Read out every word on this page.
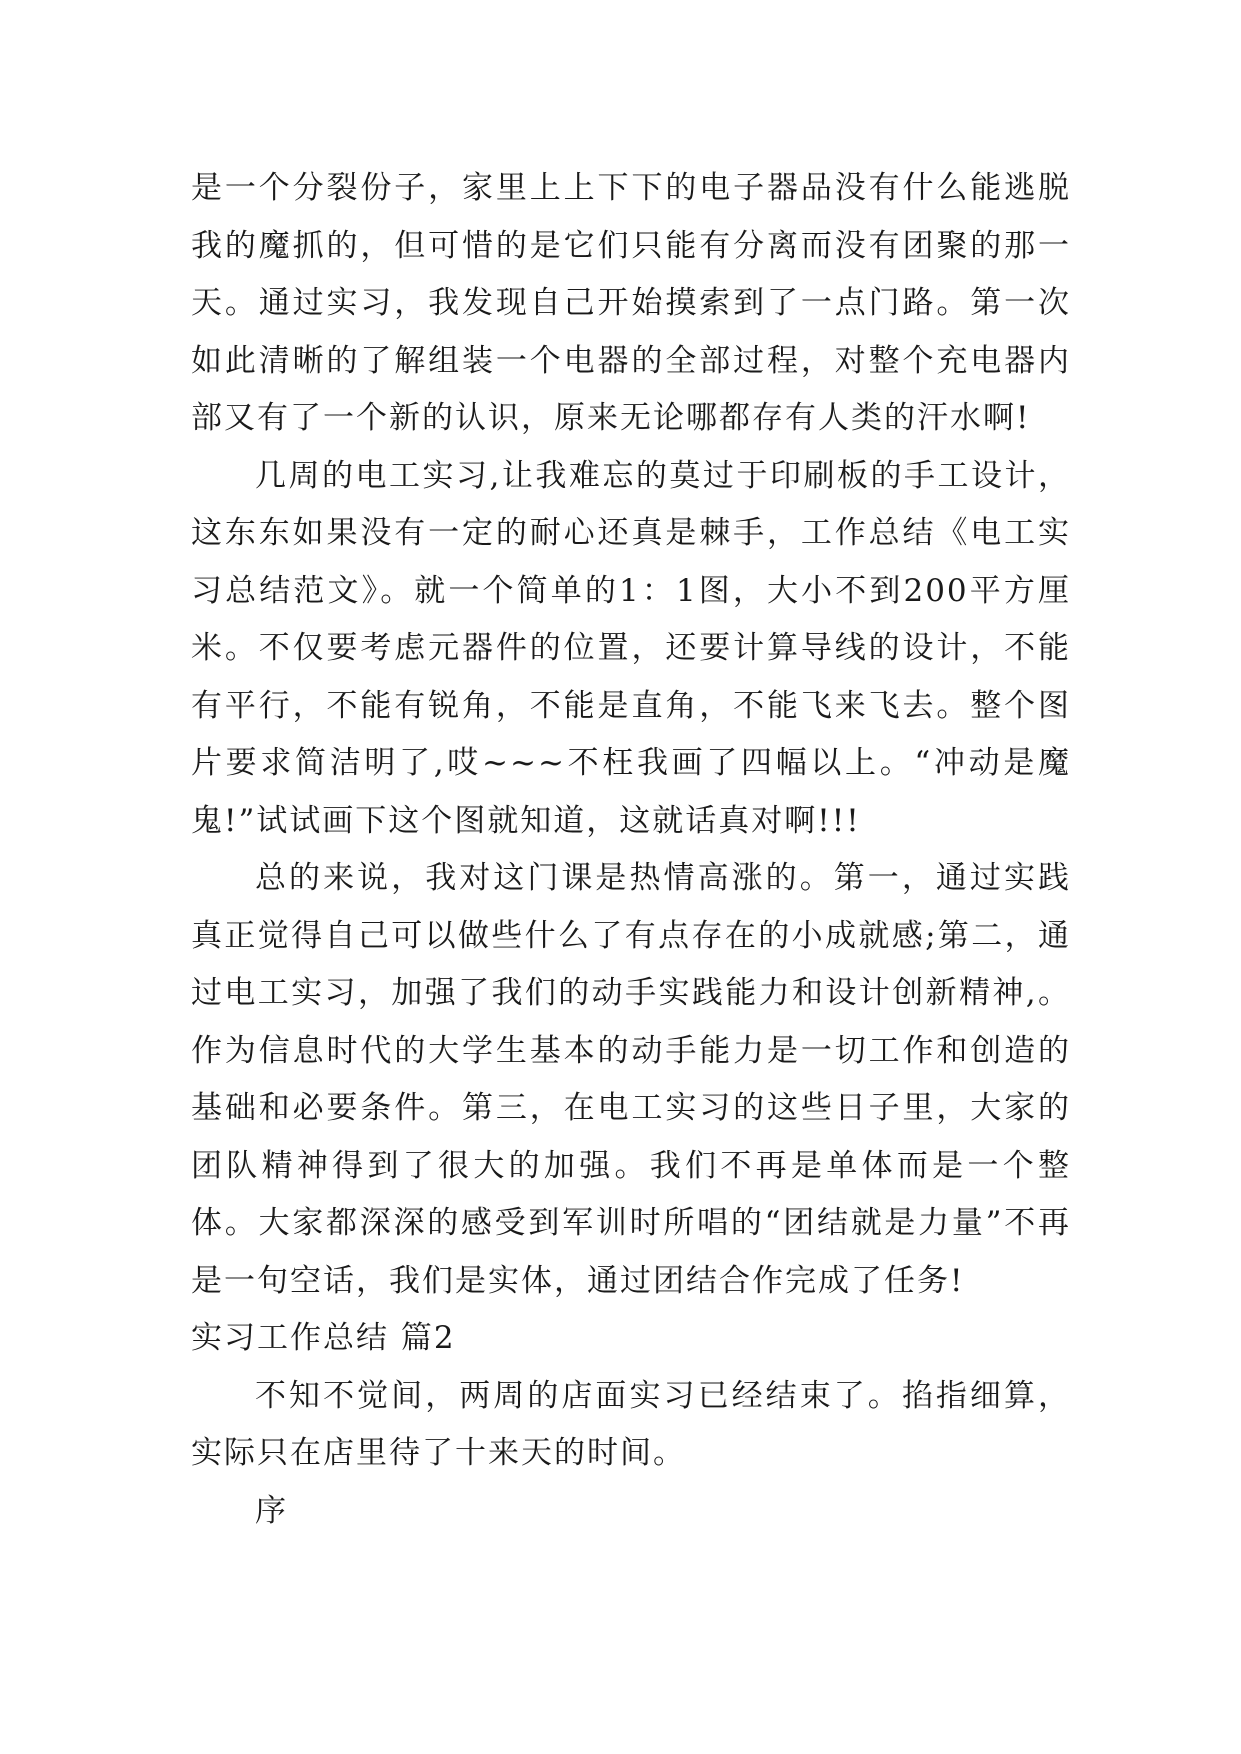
是一个分裂份子，家里上上下下的电子器品没有什么能逃脱我的魔抓的，但可惜的是它们只能有分离而没有团聚的那一天。通过实习，我发现自己开始摸索到了一点门路。第一次如此清晰的了解组装一个电器的全部过程，对整个充电器内部又有了一个新的认识，原来无论哪都存有人类的汗水啊!

几周的电工实习,让我难忘的莫过于印刷板的手工设计，这东东如果没有一定的耐心还真是棘手，工作总结《电工实习总结范文》。就一个简单的1：1图，大小不到200平方厘米。不仅要考虑元器件的位置，还要计算导线的设计，不能有平行，不能有锐角，不能是直角，不能飞来飞去。整个图片要求简洁明了,哎~~~不枉我画了四幅以上。“冲动是魔鬼!”试试画下这个图就知道，这就话真对啊!!!

总的来说，我对这门课是热情高涨的。第一，通过实践真正觉得自己可以做些什么了有点存在的小成就感;第二，通过电工实习，加强了我们的动手实践能力和设计创新精神,。作为信息时代的大学生基本的动手能力是一切工作和创造的基础和必要条件。第三，在电工实习的这些日子里，大家的团队精神得到了很大的加强。我们不再是单体而是一个整体。大家都深深的感受到军训时所唱的“团结就是力量”不再是一句空话，我们是实体，通过团结合作完成了任务!

实习工作总结 篇2

不知不觉间，两周的店面实习已经结束了。掐指细算，实际只在店里待了十来天的时间。

序
